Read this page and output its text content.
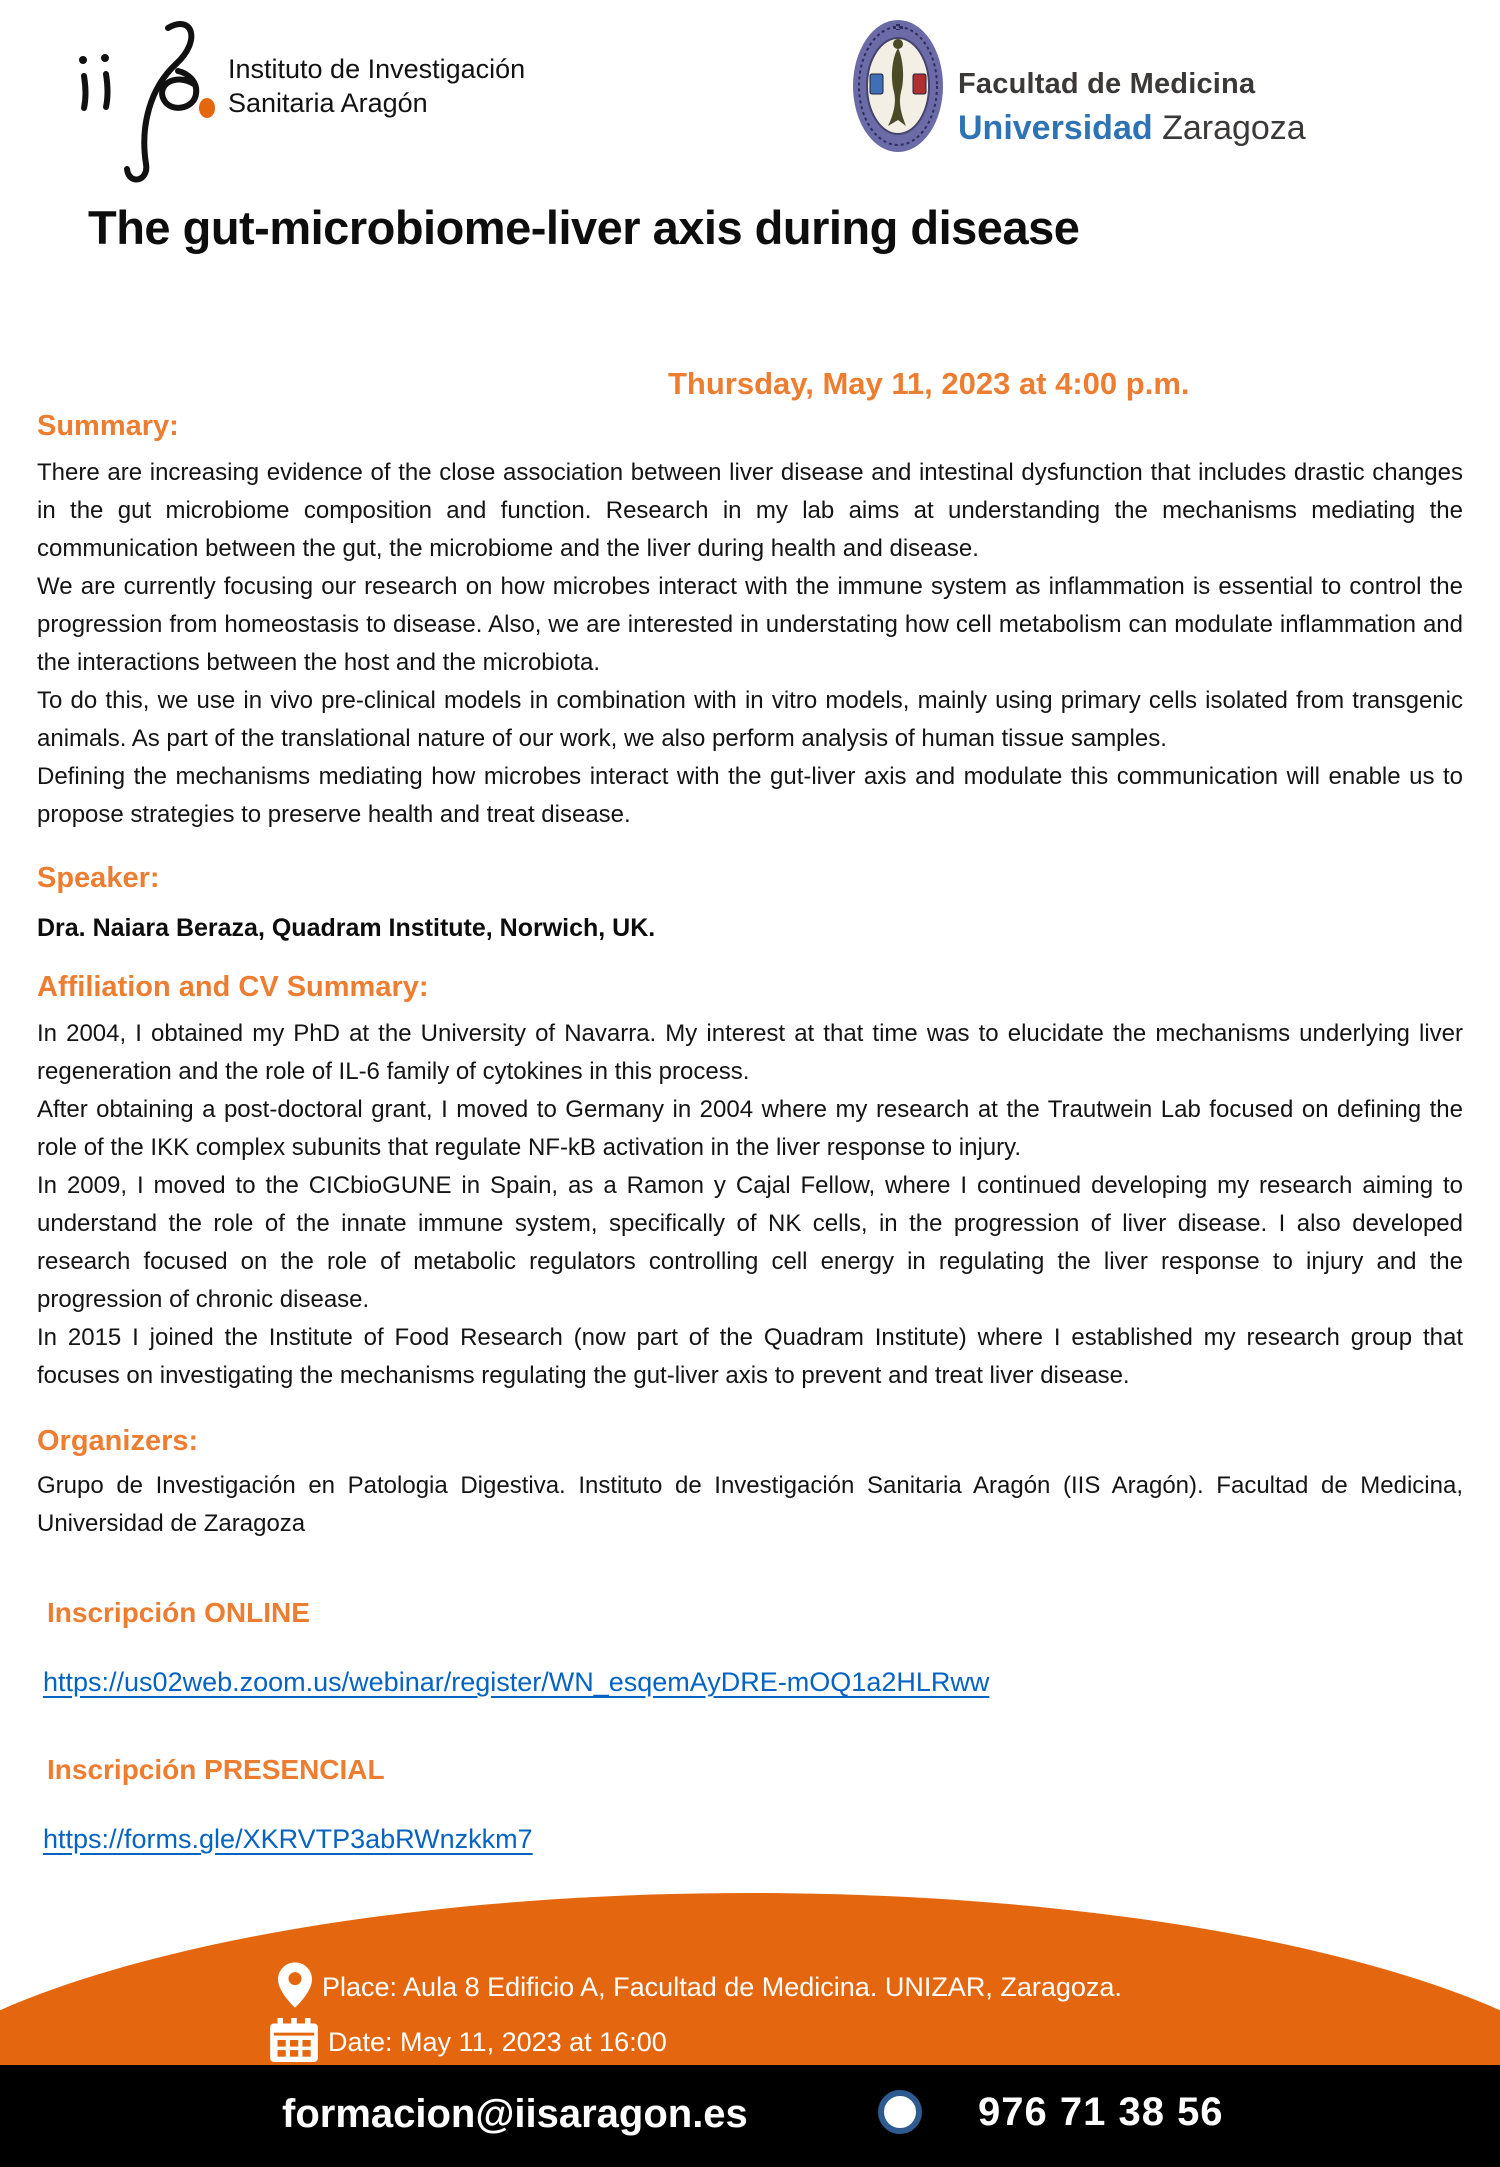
Instituto de Investigación
Sanitaria Aragón
Facultad de Medicina
Universidad Zaragoza
The gut-microbiome-liver axis during disease
Thursday, May 11, 2023 at 4:00 p.m.
Summary:

There are increasing evidence of the close association between liver disease and intestinal dysfunction that includes drastic changes in the gut microbiome composition and function. Research in my lab aims at understanding the mechanisms mediating the communication between the gut, the microbiome and the liver during health and disease.

We are currently focusing our research on how microbes interact with the immune system as inflammation is essential to control the progression from homeostasis to disease. Also, we are interested in understating how cell metabolism can modulate inflammation and the interactions between the host and the microbiota.

To do this, we use in vivo pre-clinical models in combination with in vitro models, mainly using primary cells isolated from transgenic animals. As part of the translational nature of our work, we also perform analysis of human tissue samples.

Defining the mechanisms mediating how microbes interact with the gut-liver axis and modulate this communication will enable us to propose strategies to preserve health and treat disease.

Speaker:

Dra. Naiara Beraza, Quadram Institute, Norwich, UK.

Affiliation and CV Summary:

In 2004, I obtained my PhD at the University of Navarra. My interest at that time was to elucidate the mechanisms underlying liver regeneration and the role of IL-6 family of cytokines in this process.

After obtaining a post-doctoral grant, I moved to Germany in 2004 where my research at the Trautwein Lab focused on defining the role of the IKK complex subunits that regulate NF-kB activation in the liver response to injury.

In 2009, I moved to the CICbioGUNE in Spain, as a Ramon y Cajal Fellow, where I continued developing my research aiming to understand the role of the innate immune system, specifically of NK cells, in the progression of liver disease. I also developed research focused on the role of metabolic regulators controlling cell energy in regulating the liver response to injury and the progression of chronic disease.

In 2015 I joined the Institute of Food Research (now part of the Quadram Institute) where I established my research group that focuses on investigating the mechanisms regulating the gut-liver axis to prevent and treat liver disease.

Organizers:

Grupo de Investigación en Patologia Digestiva. Instituto de Investigación Sanitaria Aragón (IIS Aragón). Facultad de Medicina, Universidad de Zaragoza

Inscripción ONLINE

https://us02web.zoom.us/webinar/register/WN_esqemAyDRE-mOQ1a2HLRww
Inscripción PRESENCIAL

https://forms.gle/XKRVTP3abRWnzkkm7
Place: Aula 8 Edificio A, Facultad de Medicina. UNIZAR, Zaragoza.
Date: May 11, 2023 at 16:00
formacion@iisaragon.es	976 71 38 56
